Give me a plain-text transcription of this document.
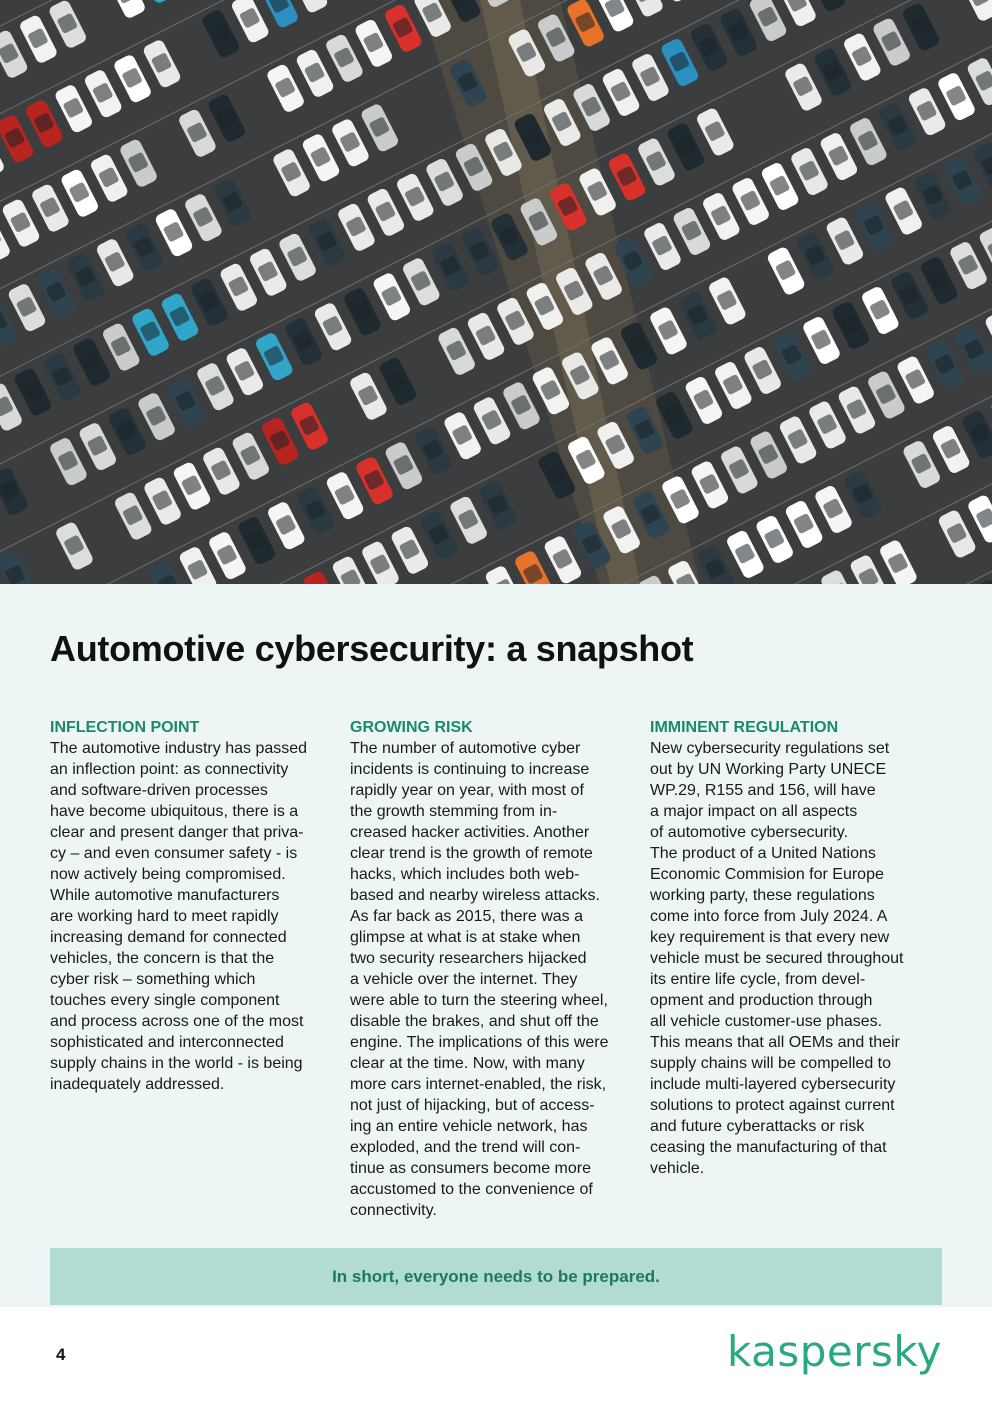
Automotive cybersecurity: a snapshot
INFLECTION POINT
The automotive industry has passed
an inflection point: as connectivity
and software-driven processes
have become ubiquitous, there is a
clear and present danger that priva-
cy – and even consumer safety - is
now actively being compromised.
While automotive manufacturers
are working hard to meet rapidly
increasing demand for connected
vehicles, the concern is that the
cyber risk – something which
touches every single component
and process across one of the most
sophisticated and interconnected
supply chains in the world - is being
inadequately addressed.
GROWING RISK
The number of automotive cyber
incidents is continuing to increase
rapidly year on year, with most of
the growth stemming from in-
creased hacker activities. Another
clear trend is the growth of remote
hacks, which includes both web-
based and nearby wireless attacks.
As far back as 2015, there was a
glimpse at what is at stake when
two security researchers hijacked
a vehicle over the internet. They
were able to turn the steering wheel,
disable the brakes, and shut off the
engine. The implications of this were
clear at the time. Now, with many
more cars internet-enabled, the risk,
not just of hijacking, but of access-
ing an entire vehicle network, has
exploded, and the trend will con-
tinue as consumers become more
accustomed to the convenience of
connectivity.
IMMINENT REGULATION
New cybersecurity regulations set
out by UN Working Party UNECE
WP.29, R155 and 156, will have
a major impact on all aspects
of automotive cybersecurity.
The product of a United Nations
Economic Commision for Europe
working party, these regulations
come into force from July 2024. A
key requirement is that every new
vehicle must be secured throughout
its entire life cycle, from devel-
opment and production through
all vehicle customer-use phases.
This means that all OEMs and their
supply chains will be compelled to
include multi-layered cybersecurity
solutions to protect against current
and future cyberattacks or risk
ceasing the manufacturing of that
vehicle.
In short, everyone needs to be prepared.
4	kaspersky
